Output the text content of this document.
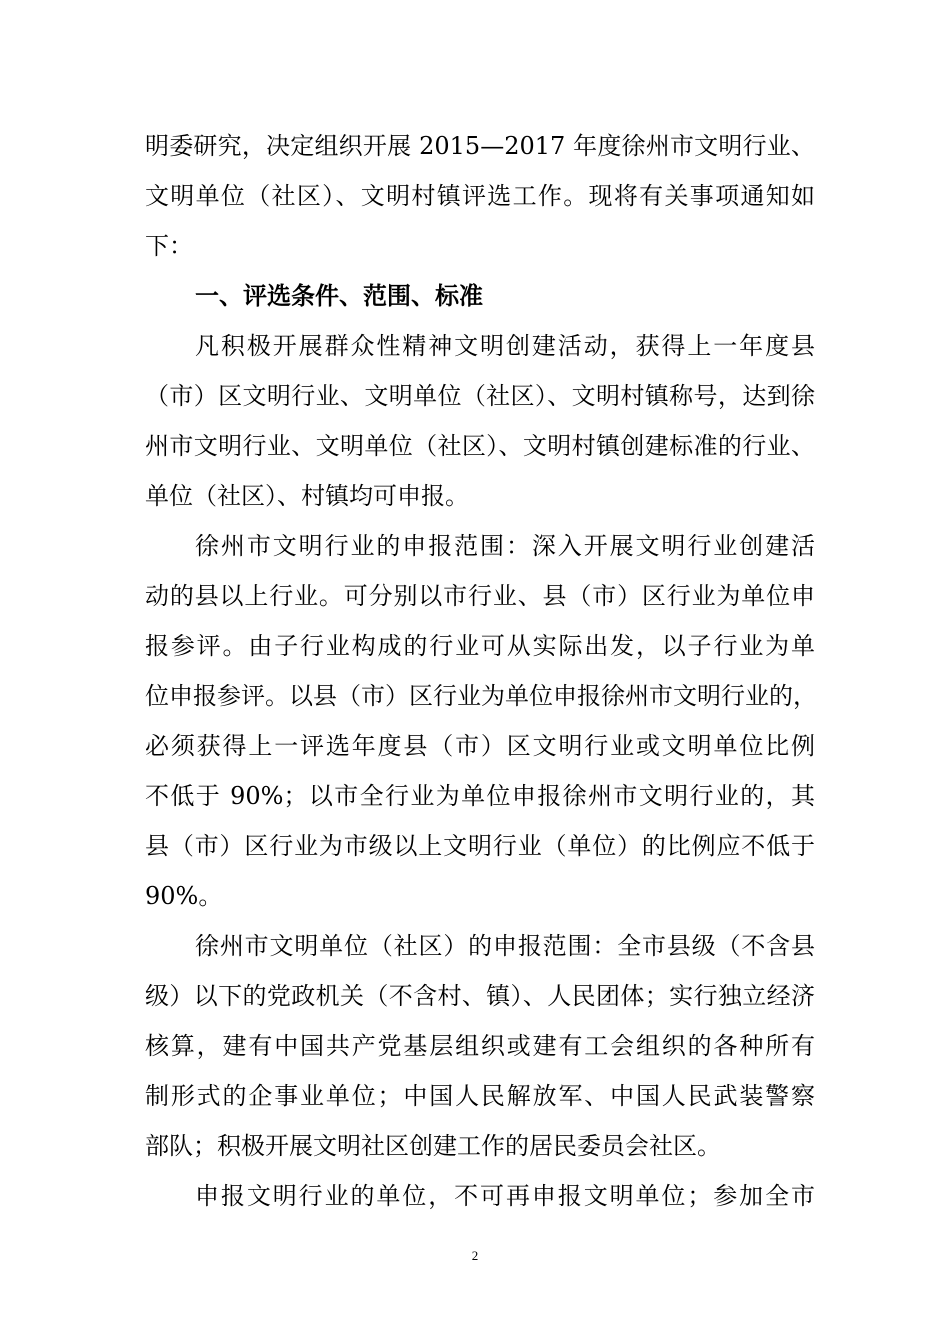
明委研究，决定组织开展 2015—2017 年度徐州市文明行业、
文明单位（社区）、文明村镇评选工作。现将有关事项通知如
下：
一、评选条件、范围、标准
凡积极开展群众性精神文明创建活动，获得上一年度县
（市）区文明行业、文明单位（社区）、文明村镇称号，达到徐
州市文明行业、文明单位（社区）、文明村镇创建标准的行业、
单位（社区）、村镇均可申报。
徐州市文明行业的申报范围：深入开展文明行业创建活
动的县以上行业。可分别以市行业、县（市）区行业为单位申
报参评。由子行业构成的行业可从实际出发，以子行业为单
位申报参评。以县（市）区行业为单位申报徐州市文明行业的，
必须获得上一评选年度县（市）区文明行业或文明单位比例
不低于 90%；以市全行业为单位申报徐州市文明行业的，其
县（市）区行业为市级以上文明行业（单位）的比例应不低于
90%。
徐州市文明单位（社区）的申报范围：全市县级（不含县
级）以下的党政机关（不含村、镇）、人民团体；实行独立经济
核算，建有中国共产党基层组织或建有工会组织的各种所有
制形式的企事业单位；中国人民解放军、中国人民武装警察
部队；积极开展文明社区创建工作的居民委员会社区。
申报文明行业的单位，不可再申报文明单位；参加全市
2
